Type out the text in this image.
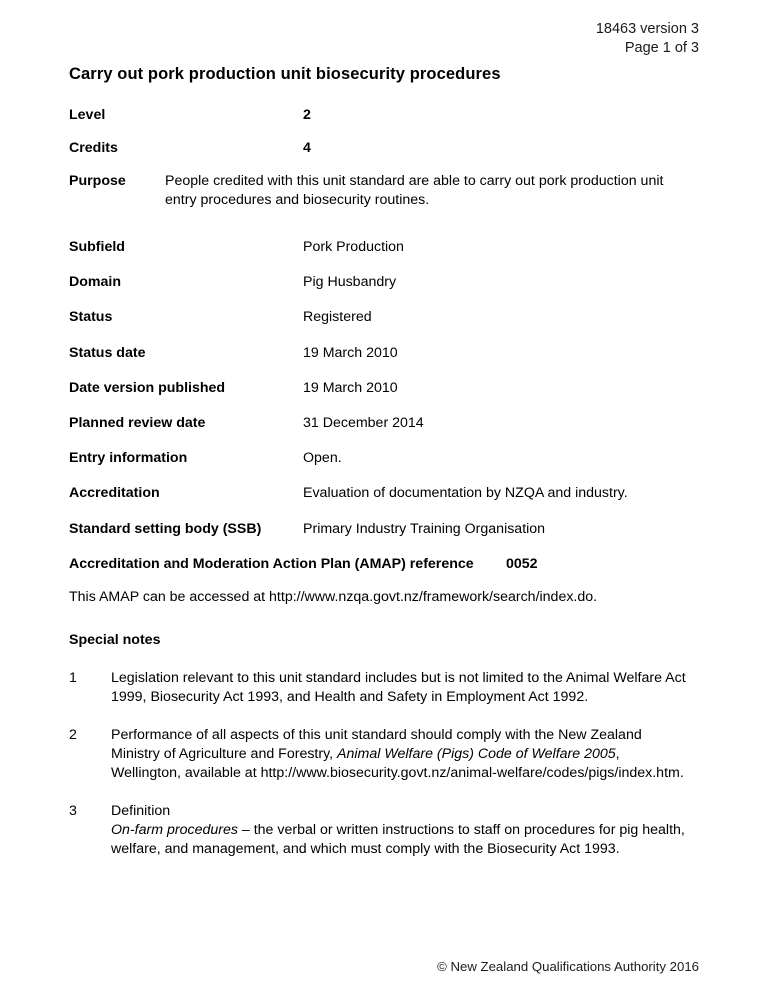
18463 version 3
Page 1 of 3
Carry out pork production unit biosecurity procedures
Level	2
Credits	4
Purpose	People credited with this unit standard are able to carry out pork production unit entry procedures and biosecurity routines.
Subfield	Pork Production
Domain	Pig Husbandry
Status	Registered
Status date	19 March 2010
Date version published	19 March 2010
Planned review date	31 December 2014
Entry information	Open.
Accreditation	Evaluation of documentation by NZQA and industry.
Standard setting body (SSB)	Primary Industry Training Organisation
Accreditation and Moderation Action Plan (AMAP) reference	0052
This AMAP can be accessed at http://www.nzqa.govt.nz/framework/search/index.do.
Special notes
1	Legislation relevant to this unit standard includes but is not limited to the Animal Welfare Act 1999, Biosecurity Act 1993, and Health and Safety in Employment Act 1992.
2	Performance of all aspects of this unit standard should comply with the New Zealand Ministry of Agriculture and Forestry, Animal Welfare (Pigs) Code of Welfare 2005, Wellington, available at http://www.biosecurity.govt.nz/animal-welfare/codes/pigs/index.htm.
3	Definition
On-farm procedures – the verbal or written instructions to staff on procedures for pig health, welfare, and management, and which must comply with the Biosecurity Act 1993.
© New Zealand Qualifications Authority 2016
